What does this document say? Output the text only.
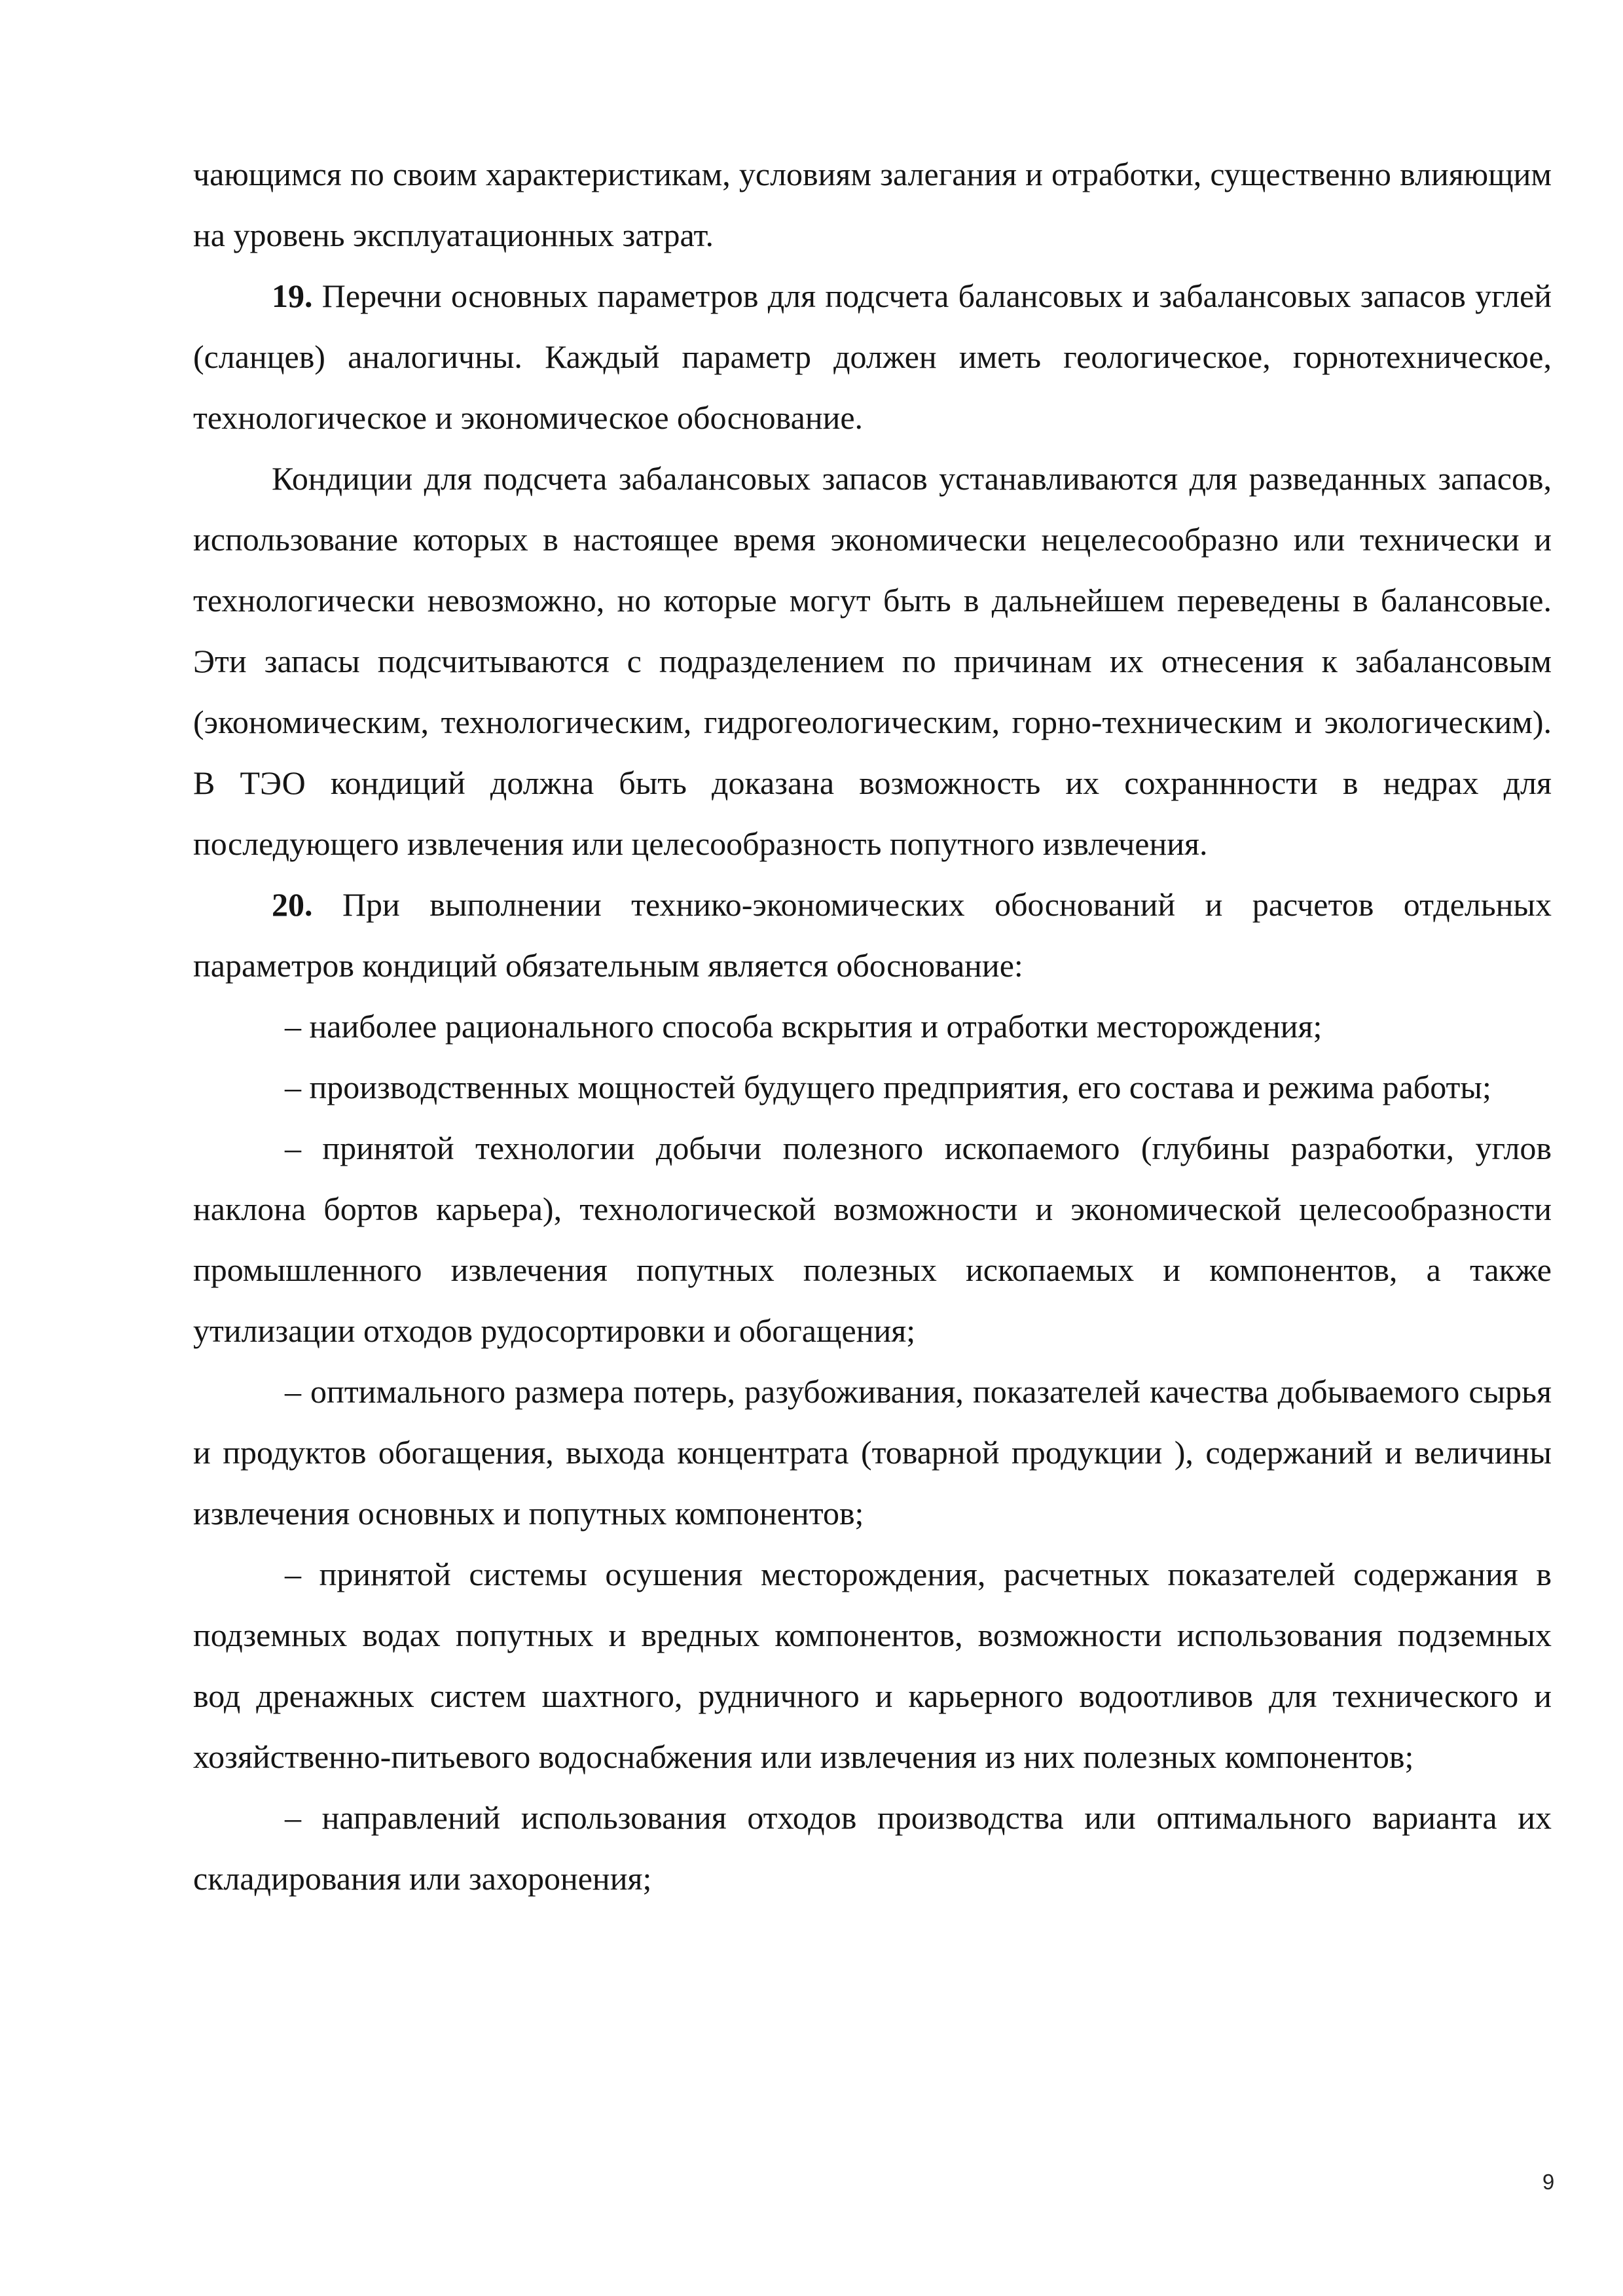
чающимся по своим характеристикам, условиям залегания и отработки, существенно влияющим на уровень эксплуатационных затрат.

19. Перечни основных параметров для подсчета балансовых и забалансовых запасов углей (сланцев) аналогичны. Каждый параметр должен иметь геологическое, горнотехническое, технологическое и экономическое обоснование.

Кондиции для подсчета забалансовых запасов устанавливаются для разведанных запасов, использование которых в настоящее время экономически нецелесообразно или технически и технологически невозможно, но которые могут быть в дальнейшем переведены в балансовые. Эти запасы подсчитываются с подразделением по причинам их отнесения к забалансовым (экономическим, технологическим, гидрогеологическим, горно-техническим и экологическим). В ТЭО кондиций должна быть доказана возможность их сохраннности в недрах для последующего извлечения или целесообразность попутного извлечения.

20. При выполнении технико-экономических обоснований и расчетов отдельных параметров кондиций обязательным является обоснование:

– наиболее рационального способа вскрытия и отработки месторождения;

– производственных мощностей будущего предприятия, его состава и режима работы;

– принятой технологии добычи полезного ископаемого (глубины разработки, углов наклона бортов карьера), технологической возможности и экономической целесообразности промышленного извлечения попутных полезных ископаемых и компонентов, а также утилизации отходов рудосортировки и обогащения;

– оптимального размера потерь, разубоживания, показателей качества добываемого сырья и продуктов обогащения, выхода концентрата (товарной продукции ), содержаний и величины извлечения основных и попутных компонентов;

– принятой системы осушения месторождения, расчетных показателей содержания в подземных водах попутных и вредных компонентов, возможности использования подземных вод дренажных систем шахтного, рудничного и карьерного водоотливов для технического и хозяйственно-питьевого водоснабжения или извлечения из них полезных компонентов;

– направлений использования отходов производства или оптимального варианта их складирования или захоронения;

9
